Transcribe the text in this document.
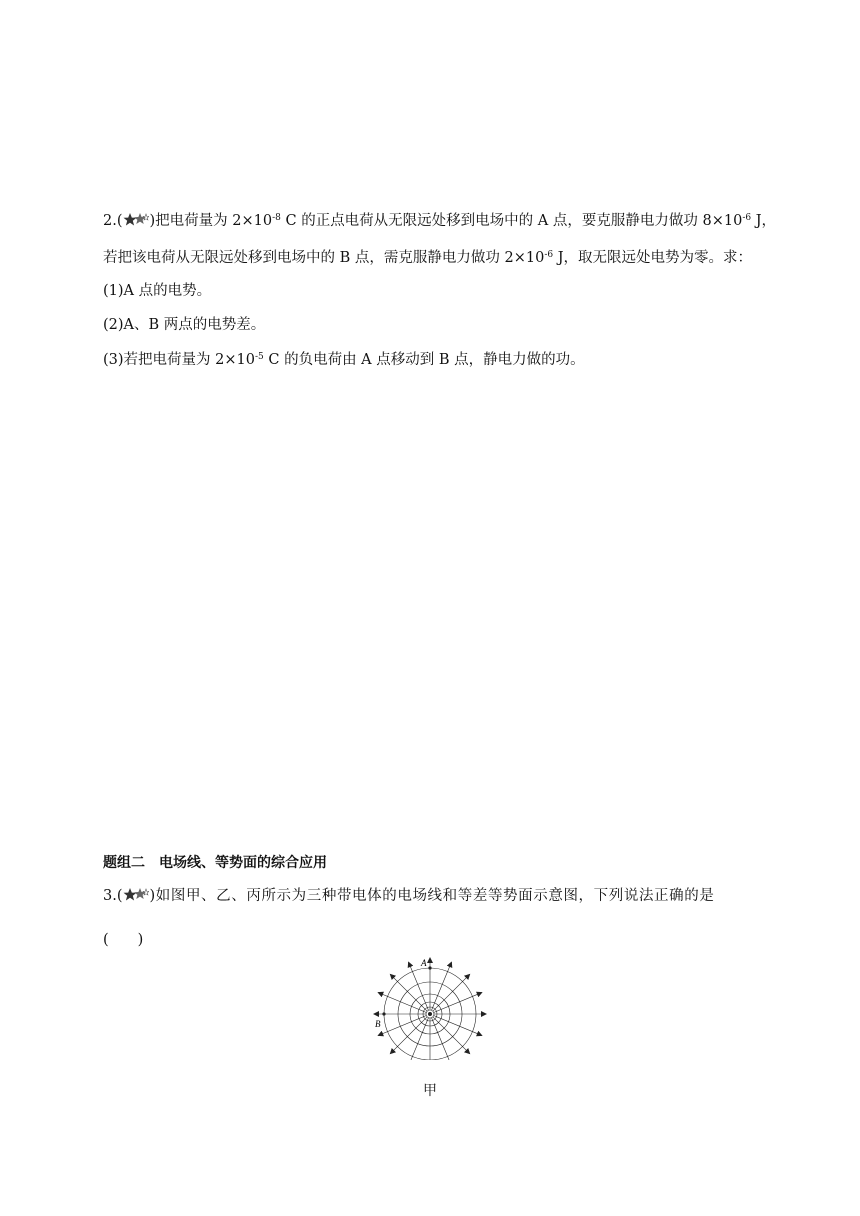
2.( )把电荷量为 $2\times 10^{-8}$ C 的正点电荷从无限远处移到电场中的 A 点，要克服静电力做功 $8\times 10^{-6}$ J，
若把该电荷从无限远处移到电场中的 B 点，需克服静电力做功 $2\times 10^{-6}$ J，取无限远处电势为零。求：
(1)A 点的电势。
(2)A、B 两点的电势差。
(3)若把电荷量为 $2\times 10^{-5}$ C 的负电荷由 A 点移动到 B 点，静电力做的功。
题组二 电场线、等势面的综合应用
3.( )如图甲、乙、丙所示为三种带电体的电场线和等差等势面示意图，下列说法正确的是
(　　)
A
B
甲
